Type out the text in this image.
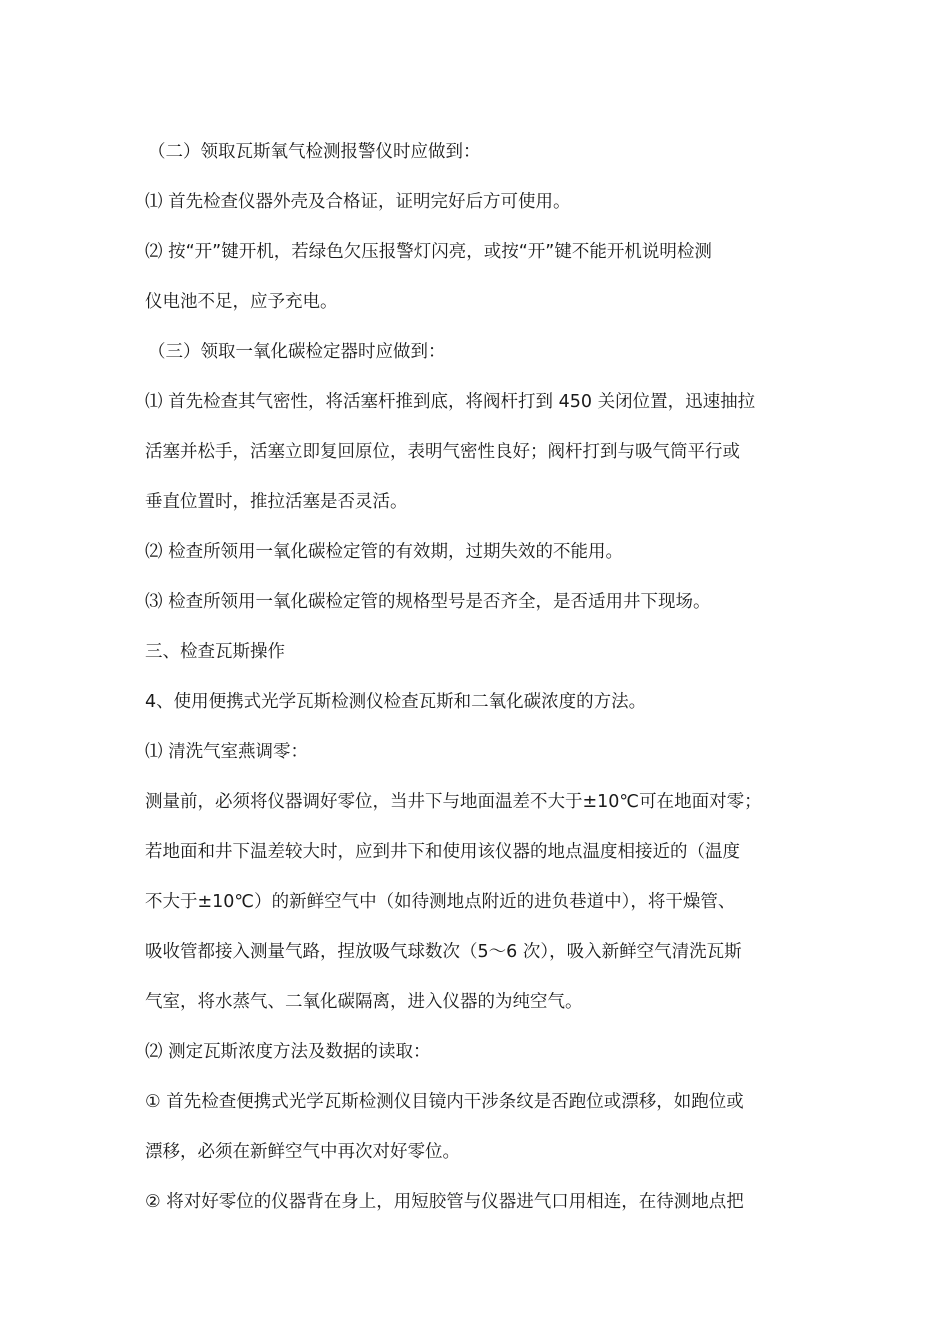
（二）领取瓦斯氧气检测报警仪时应做到：
⑴ 首先检查仪器外壳及合格证，证明完好后方可使用。
⑵ 按“开”键开机，若绿色欠压报警灯闪亮，或按“开”键不能开机说明检测
仪电池不足，应予充电。
（三）领取一氧化碳检定器时应做到：
⑴ 首先检查其气密性，将活塞杆推到底，将阀杆打到 450 关闭位置，迅速抽拉
活塞并松手，活塞立即复回原位，表明气密性良好；阀杆打到与吸气筒平行或
垂直位置时，推拉活塞是否灵活。
⑵ 检查所领用一氧化碳检定管的有效期，过期失效的不能用。
⑶ 检查所领用一氧化碳检定管的规格型号是否齐全，是否适用井下现场。
三、检查瓦斯操作
4、使用便携式光学瓦斯检测仪检查瓦斯和二氧化碳浓度的方法。
⑴ 清洗气室燕调零：
测量前，必须将仪器调好零位，当井下与地面温差不大于±10℃可在地面对零；
若地面和井下温差较大时，应到井下和使用该仪器的地点温度相接近的（温度
不大于±10℃）的新鲜空气中（如待测地点附近的进负巷道中），将干燥管、
吸收管都接入测量气路，捏放吸气球数次（5～6 次），吸入新鲜空气清洗瓦斯
气室，将水蒸气、二氧化碳隔离，进入仪器的为纯空气。
⑵ 测定瓦斯浓度方法及数据的读取：
① 首先检查便携式光学瓦斯检测仪目镜内干涉条纹是否跑位或漂移，如跑位或
漂移，必须在新鲜空气中再次对好零位。
② 将对好零位的仪器背在身上，用短胶管与仪器进气口用相连，在待测地点把
